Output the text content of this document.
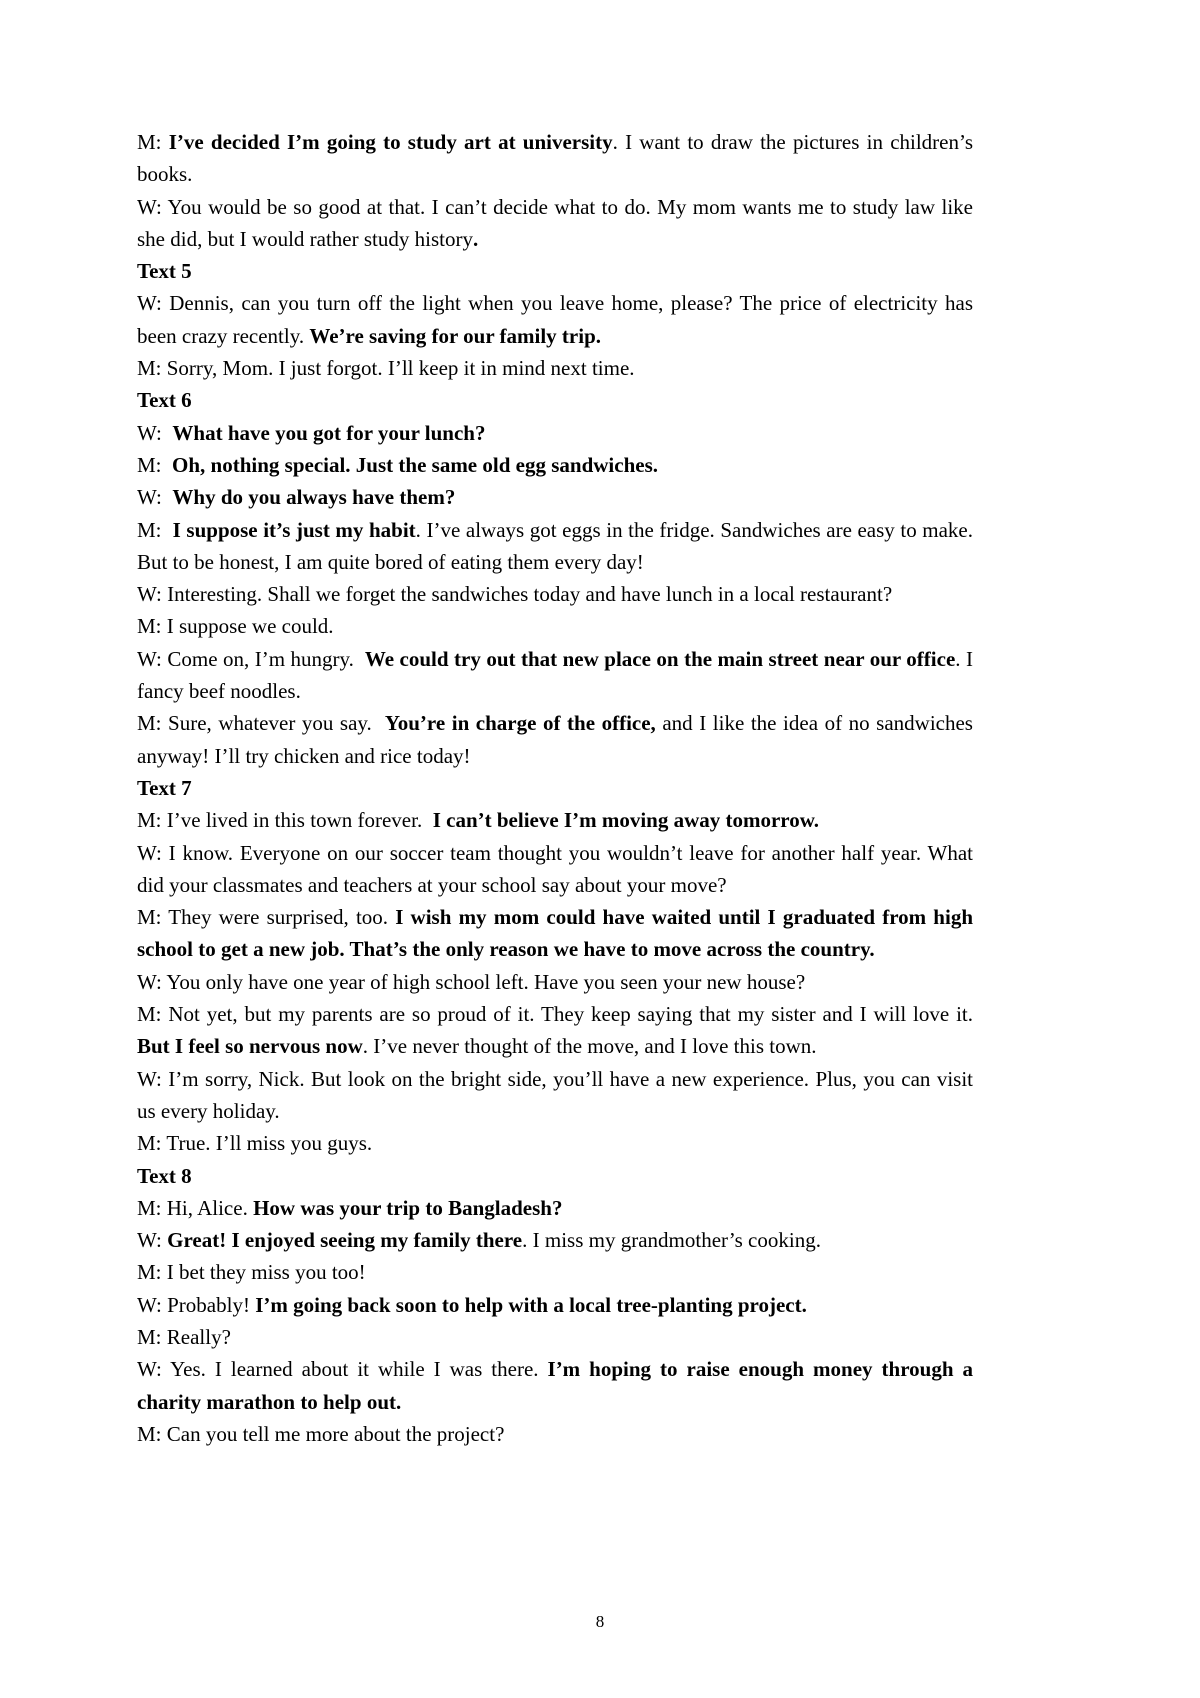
M: I’ve decided I’m going to study art at university. I want to draw the pictures in children’s books.

W: You would be so good at that. I can’t decide what to do. My mom wants me to study law like she did, but I would rather study history.

Text 5

W: Dennis, can you turn off the light when you leave home, please? The price of electricity has been crazy recently. We’re saving for our family trip.

M: Sorry, Mom. I just forgot. I’ll keep it in mind next time.

Text 6

W:  What have you got for your lunch?

M:  Oh, nothing special. Just the same old egg sandwiches.

W:  Why do you always have them?

M:  I suppose it’s just my habit. I’ve always got eggs in the fridge. Sandwiches are easy to make. But to be honest, I am quite bored of eating them every day!

W: Interesting. Shall we forget the sandwiches today and have lunch in a local restaurant?

M: I suppose we could.

W: Come on, I’m hungry.  We could try out that new place on the main street near our office. I fancy beef noodles.

M: Sure, whatever you say.  You’re in charge of the office, and I like the idea of no sandwiches anyway! I’ll try chicken and rice today!

Text 7

M: I’ve lived in this town forever.  I can’t believe I’m moving away tomorrow.

W: I know. Everyone on our soccer team thought you wouldn’t leave for another half year. What did your classmates and teachers at your school say about your move?

M: They were surprised, too. I wish my mom could have waited until I graduated from high school to get a new job. That’s the only reason we have to move across the country.

W: You only have one year of high school left. Have you seen your new house?

M: Not yet, but my parents are so proud of it. They keep saying that my sister and I will love it. But I feel so nervous now. I’ve never thought of the move, and I love this town.

W: I’m sorry, Nick. But look on the bright side, you’ll have a new experience. Plus, you can visit us every holiday.

M: True. I’ll miss you guys.

Text 8

M: Hi, Alice. How was your trip to Bangladesh?

W: Great! I enjoyed seeing my family there. I miss my grandmother’s cooking.

M: I bet they miss you too!

W: Probably! I’m going back soon to help with a local tree-planting project.

M: Really?

W: Yes. I learned about it while I was there. I’m hoping to raise enough money through a charity marathon to help out.

M: Can you tell me more about the project?

8
